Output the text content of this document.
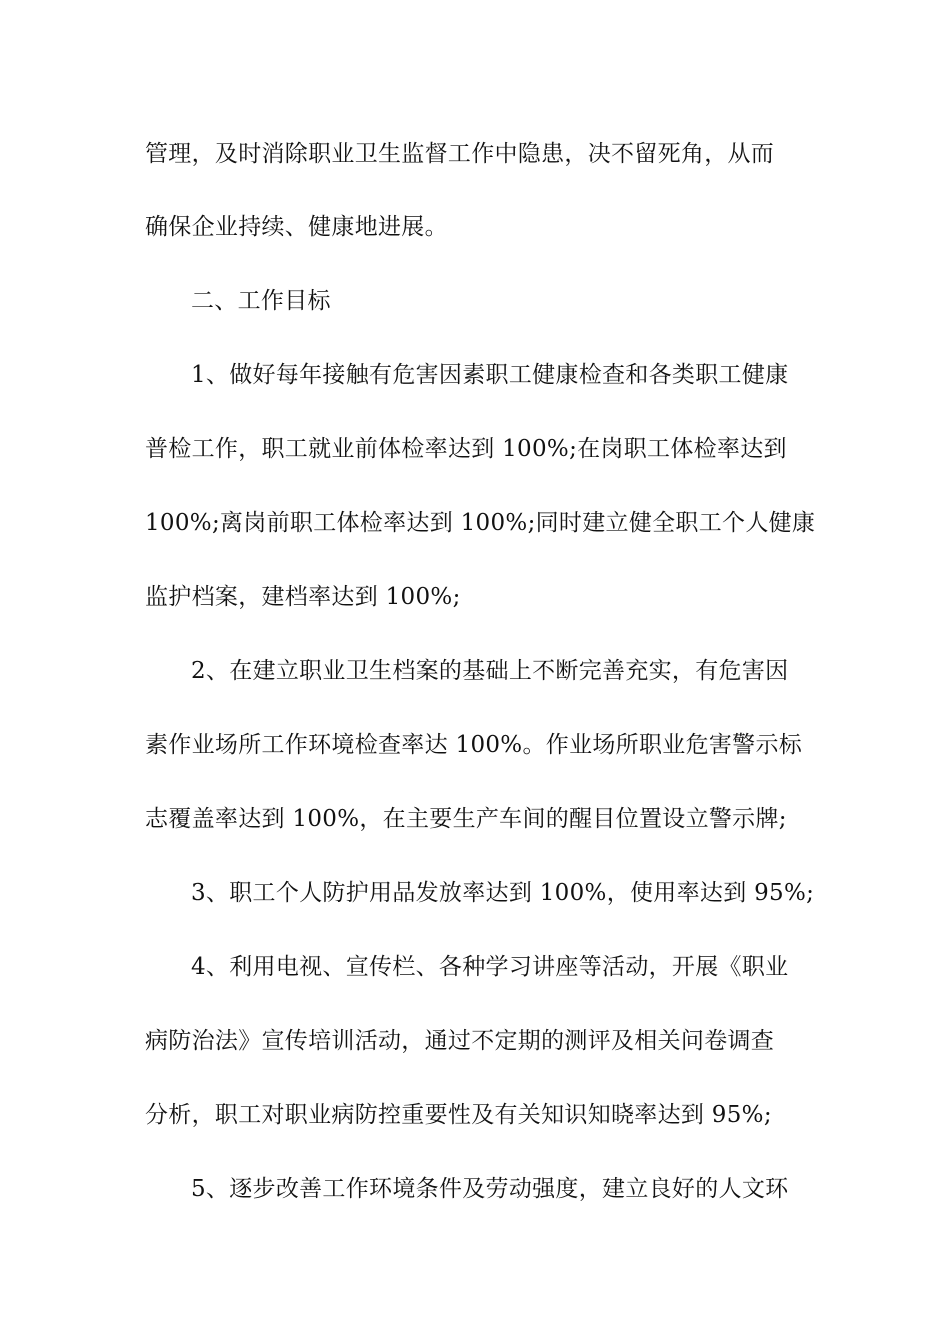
管理，及时消除职业卫生监督工作中隐患，决不留死角，从而
确保企业持续、健康地进展。
二、工作目标
1、做好每年接触有危害因素职工健康检查和各类职工健康
普检工作，职工就业前体检率达到 100%;在岗职工体检率达到
100%;离岗前职工体检率达到 100%;同时建立健全职工个人健康
监护档案，建档率达到 100%;
2、在建立职业卫生档案的基础上不断完善充实，有危害因
素作业场所工作环境检查率达 100%。作业场所职业危害警示标
志覆盖率达到 100%，在主要生产车间的醒目位置设立警示牌;
3、职工个人防护用品发放率达到 100%，使用率达到 95%;
4、利用电视、宣传栏、各种学习讲座等活动，开展《职业
病防治法》宣传培训活动，通过不定期的测评及相关问卷调查
分析，职工对职业病防控重要性及有关知识知晓率达到 95%;
5、逐步改善工作环境条件及劳动强度，建立良好的人文环
